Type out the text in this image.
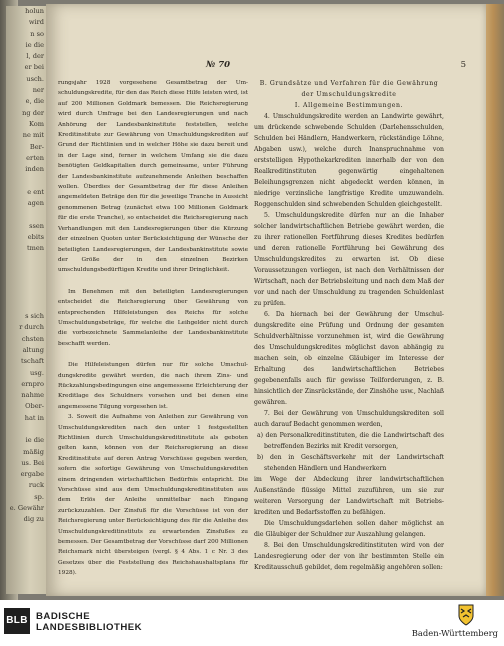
holun
wird
n so
ie die
l, der
er bei
usch.
ner
e, die
ng der
Kom
ne mit
Ber-
erten
inden

e ent
agen

ssen
ebits
tmen

s sich
r durch
chsten
altung
tschaft
usg.
ernpro
nahme
Ober-
hat in

ie die
mäßig
us. Bei
ergabe
ruck
sp.
e. Gewähr
dig zu
№ 70	5

rungsjahr 1928 vorgesehene Gesamtbetrag der Umschuldungskredite, für den das Reich diese Hilfe leisten wird, ist auf 200 Millionen Goldmark bemessen. Die Reichsregierung wird durch Umfrage bei den Landesregierungen und nach Anhörung der Landesbankinstitute feststellen, welche Kreditinstitute zur Gewährung von Umschuldungskrediten auf Grund der Richtlinien und in welcher Höhe sie dazu bereit und in der Lage sind, ferner in welchem Umfang sie die dazu benötigten Geldkapitalien durch gemeinsame, unter Führung der Landesbankinstitute aufzunehmende Anleihen beschaffen wollen. Überdies der Gesamtbetrag der für diese Anleihen angemeldeten Beträge den für die jeweilige Tranche in Aussicht genommenen Betrag (zunächst etwa 100 Millionen Goldmark für die erste Tranche), so entscheidet die Reichsregierung nach Verhandlungen mit den Landesregierungen über die Kürzung der einzelnen Quoten unter Berücksichtigung der Wünsche der beteiligten Landesregierungen, der Landesbankinstitute sowie der Größe der in den einzelnen Bezirken umschuldungsbedürftigen Kredite und ihrer Dringlichkeit.

Im Benehmen mit den beteiligten Landesregierungen entscheidet die Reichsregierung über Gewährung von entsprechenden Hilfeleistungen des Reichs für solche Umschuldungsbeträge, für welche die Leihgelder nicht durch die vorbezeichnete Sammelanleihe der Landesbankinstitute beschafft werden.

Die Hilfeleistungen dürfen nur für solche Umschuldungskredite gewährt werden, die nach ihrem Zins- und Rückzahlungsbedingungen eine angemessene Erleichterung der Kreditlage des Schuldners vorsehen und bei denen eine angemessene Tilgung vorgesehen ist.

3. Soweit die Aufnahme von Anleihen zur Gewährung von Umschuldungskrediten nach den unter 1 festgestellten Richtlinien durch Umschuldungskreditinstitute als geboten gelten kann, können von der Reichsregierung an diese Kreditinstitute auf deren Antrag Vorschüsse gegeben werden, sofern die sofortige Gewährung von Umschuldungskrediten einem dringenden wirtschaftlichen Bedürfnis entspricht. Die Vorschüsse sind aus dem Umschuldungskreditinstituten aus dem Erlös der Anleihe unmittelbar nach Eingang zurückzuzahlen. Der Zinsfuß für die Vorschüsse ist von der Reichsregierung unter Berücksichtigung des für die Anleihe des Umschuldungskreditinstituts zu erwartenden Zinsfußes zu bemessen. Der Gesamtbetrag der Vorschüsse darf 200 Millionen Reichsmark nicht übersteigen (vergl. § 4 Abs. 1 c Nr. 3 des Gesetzes über die Feststellung des Reichshaushaltsplans für 1928).

B. Grundsätze und Verfahren für die Gewährung der Umschuldungskredite

I. Allgemeine Bestimmungen.

4. Umschuldungskredite werden an Landwirte gewährt, um drückende schwebende Schulden (Darlehensschulden, Schulden bei Händlern, Handwerkern, rückständige Löhne, Abgaben usw.), welche durch Inanspruchnahme von erststelligen Hypothekarkrediten innerhalb der von den Realkreditinstituten gegenwärtig eingehaltenen Beleihungsgrenzen nicht abgedeckt werden können, in niedrige verzinsliche langfristige Kredite umzuwandeln. Roggenschulden sind schwebenden Schulden gleichgestellt.

5. Umschuldungskredite dürfen nur an die Inhaber solcher landwirtschaftlichen Betriebe gewährt werden, die zu ihrer rationellen Fortführung dieses Kredites bedürfen und deren rationelle Fortführung bei Gewährung des Umschuldungskredites zu erwarten ist. Ob diese Voraussetzungen vorliegen, ist nach den Verhältnissen der Wirtschaft, nach der Betriebsleitung und nach dem Maß der vor und nach der Umschuldung zu tragenden Schuldenlast zu prüfen.

6. Da hiernach bei der Gewährung der Umschuldungskredite eine Prüfung und Ordnung der gesamten Schuldverhältnisse vorzunehmen ist, wird die Gewährung des Umschuldungskredites möglichst davon abhängig zu machen sein, ob einzelne Gläubiger im Interesse der Erhaltung des landwirtschaftlichen Betriebes gegebenenfalls auch für gewisse Teilforderungen, z. B. hinsichtlich der Zinsrückstände, der Zinshöhe usw., Nachlaß gewähren.

7. Bei der Gewährung von Umschuldungskrediten soll auch darauf Bedacht genommen werden,

a) den Personalkreditinstituten, die die Landwirtschaft des betreffenden Bezirks mit Kredit versorgen,

b) den in Geschäftsverkehr mit der Landwirtschaft stehenden Händlern und Handwerkern

im Wege der Abdeckung ihrer landwirtschaftlichen Außenstände flüssige Mittel zuzuführen, um sie zur weiteren Versorgung der Landwirtschaft mit Betriebskrediten und Bedarfsstoffen zu befähigen.

Die Umschuldungsdarlehen sollen daher möglichst an die Gläubiger der Schuldner zur Auszahlung gelangen.

8. Bei den Umschuldungskreditinstituten wird von der Landesregierung oder der von ihr bestimmten Stelle ein Kreditausschuß gebildet, dem regelmäßig angehören sollen:

BLB BADISCHE
LANDESBIBLIOTHEK
Baden-Württemberg
